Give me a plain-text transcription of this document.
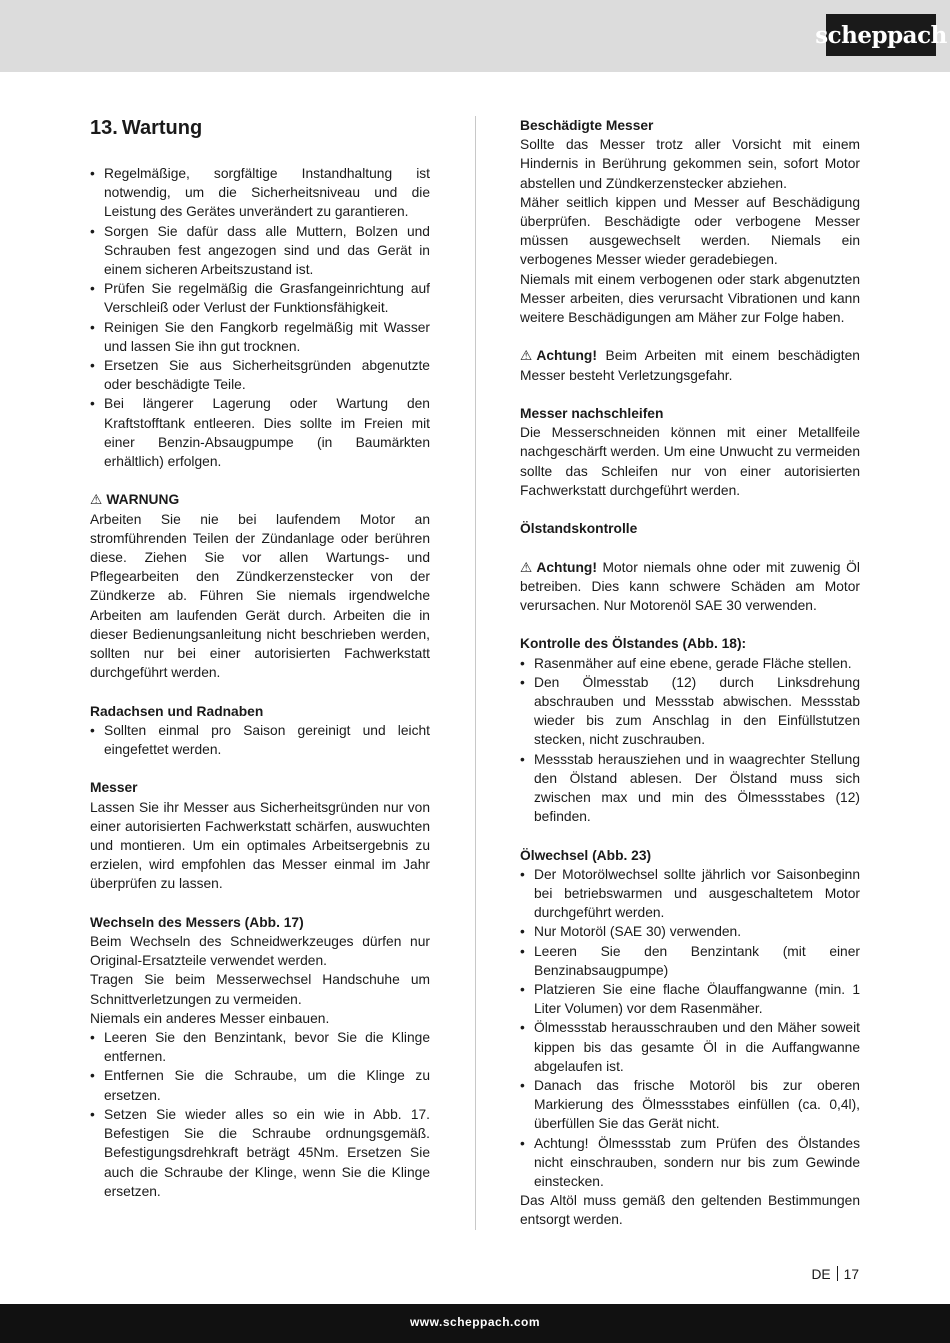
scheppach
13. Wartung
• Regelmäßige, sorgfältige Instandhaltung ist notwendig, um die Sicherheitsniveau und die Leistung des Gerätes unverändert zu garantieren.
• Sorgen Sie dafür dass alle Muttern, Bolzen und Schrauben fest angezogen sind und das Gerät in einem sicheren Arbeitszustand ist.
• Prüfen Sie regelmäßig die Grasfangeinrichtung auf Verschleiß oder Verlust der Funktionsfähigkeit.
• Reinigen Sie den Fangkorb regelmäßig mit Wasser und lassen Sie ihn gut trocknen.
• Ersetzen Sie aus Sicherheitsgründen abgenutzte oder beschädigte Teile.
• Bei längerer Lagerung oder Wartung den Kraftstofftank entleeren. Dies sollte im Freien mit einer Benzin-Absaugpumpe (in Baumärkten erhältlich) erfolgen.

⚠ WARNUNG

Arbeiten Sie nie bei laufendem Motor an stromführenden Teilen der Zündanlage oder berühren diese. Ziehen Sie vor allen Wartungs- und Pflegearbeiten den Zündkerzenstecker von der Zündkerze ab. Führen Sie niemals irgendwelche Arbeiten am laufenden Gerät durch. Arbeiten die in dieser Bedienungsanleitung nicht beschrieben werden, sollten nur bei einer autorisierten Fachwerkstatt durchgeführt werden.

Radachsen und Radnaben

• Sollten einmal pro Saison gereinigt und leicht eingefettet werden.

Messer

Lassen Sie ihr Messer aus Sicherheitsgründen nur von einer autorisierten Fachwerkstatt schärfen, auswuchten und montieren. Um ein optimales Arbeitsergebnis zu erzielen, wird empfohlen das Messer einmal im Jahr überprüfen zu lassen.

Wechseln des Messers (Abb. 17)

Beim Wechseln des Schneidwerkzeuges dürfen nur Original-Ersatzteile verwendet werden.

Tragen Sie beim Messerwechsel Handschuhe um Schnittverletzungen zu vermeiden.

Niemals ein anderes Messer einbauen.

• Leeren Sie den Benzintank, bevor Sie die Klinge entfernen.
• Entfernen Sie die Schraube, um die Klinge zu ersetzen.
• Setzen Sie wieder alles so ein wie in Abb. 17. Befestigen Sie die Schraube ordnungsgemäß. Befestigungsdrehkraft beträgt 45Nm. Ersetzen Sie auch die Schraube der Klinge, wenn Sie die Klinge ersetzen.

Beschädigte Messer

Sollte das Messer trotz aller Vorsicht mit einem Hindernis in Berührung gekommen sein, sofort Motor abstellen und Zündkerzenstecker abziehen.

Mäher seitlich kippen und Messer auf Beschädigung überprüfen. Beschädigte oder verbogene Messer müssen ausgewechselt werden. Niemals ein verbogenes Messer wieder geradebiegen.

Niemals mit einem verbogenen oder stark abgenutzten Messer arbeiten, dies verursacht Vibrationen und kann weitere Beschädigungen am Mäher zur Folge haben.

⚠ Achtung! Beim Arbeiten mit einem beschädigten Messer besteht Verletzungsgefahr.

Messer nachschleifen

Die Messerschneiden können mit einer Metallfeile nachgeschärft werden. Um eine Unwucht zu vermeiden sollte das Schleifen nur von einer autorisierten Fachwerkstatt durchgeführt werden.

Ölstandskontrolle

⚠ Achtung! Motor niemals ohne oder mit zuwenig Öl betreiben. Dies kann schwere Schäden am Motor verursachen. Nur Motorenöl SAE 30 verwenden.

Kontrolle des Ölstandes (Abb. 18):

• Rasenmäher auf eine ebene, gerade Fläche stellen.
• Den Ölmesstab (12) durch Linksdrehung abschrauben und Messstab abwischen. Messstab wieder bis zum Anschlag in den Einfüllstutzen stecken, nicht zuschrauben.
• Messstab herausziehen und in waagrechter Stellung den Ölstand ablesen. Der Ölstand muss sich zwischen max und min des Ölmessstabes (12) befinden.

Ölwechsel (Abb. 23)

• Der Motorölwechsel sollte jährlich vor Saisonbeginn bei betriebswarmen und ausgeschaltetem Motor durchgeführt werden.
• Nur Motoröl (SAE 30) verwenden.
• Leeren Sie den Benzintank (mit einer Benzinabsaugpumpe)
• Platzieren Sie eine flache Ölauffangwanne (min. 1 Liter Volumen) vor dem Rasenmäher.
• Ölmessstab herausschrauben und den Mäher soweit kippen bis das gesamte Öl in die Auffangwanne abgelaufen ist.
• Danach das frische Motoröl bis zur oberen Markierung des Ölmessstabes einfüllen (ca. 0,4l), überfüllen Sie das Gerät nicht.
• Achtung! Ölmessstab zum Prüfen des Ölstandes nicht einschrauben, sondern nur bis zum Gewinde einstecken.

Das Altöl muss gemäß den geltenden Bestimmungen entsorgt werden.

DE 17
www.scheppach.com
